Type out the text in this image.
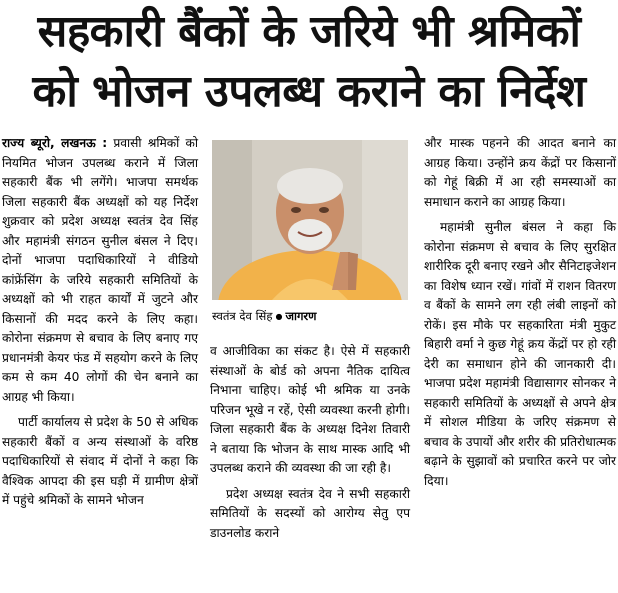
सहकारी बैंकों के जरिये भी श्रमिकों
को भोजन उपलब्ध कराने का निर्देश

राज्य ब्यूरो, लखनऊ : प्रवासी श्रमिकों को नियमित भोजन उपलब्ध कराने में जिला सहकारी बैंक भी लगेंगे। भाजपा समर्थक जिला सहकारी बैंक अध्यक्षों को यह निर्देश शुक्रवार को प्रदेश अध्यक्ष स्वतंत्र देव सिंह और महामंत्री संगठन सुनील बंसल ने दिए। दोनों भाजपा पदाधिकारियों ने वीडियो कांफ्रेंसिंग के जरिये सहकारी समितियों के अध्यक्षों को भी राहत कार्यों में जुटने और किसानों की मदद करने के लिए कहा। कोरोना संक्रमण से बचाव के लिए बनाए गए प्रधानमंत्री केयर फंड में सहयोग करने के लिए कम से कम 40 लोगों की चेन बनाने का आग्रह भी किया।

पार्टी कार्यालय से प्रदेश के 50 से अधिक सहकारी बैंकों व अन्य संस्थाओं के वरिष्ठ पदाधिकारियों से संवाद में दोनों ने कहा कि वैश्विक आपदा की इस घड़ी में ग्रामीण क्षेत्रों में पहुंचे श्रमिकों के सामने भोजन

स्वतंत्र देव सिंह ● जागरण

व आजीविका का संकट है। ऐसे में सहकारी संस्थाओं के बोर्ड को अपना नैतिक दायित्व निभाना चाहिए। कोई भी श्रमिक या उनके परिजन भूखे न रहें, ऐसी व्यवस्था करनी होगी। जिला सहकारी बैंक के अध्यक्ष दिनेश तिवारी ने बताया कि भोजन के साथ मास्क आदि भी उपलब्ध कराने की व्यवस्था की जा रही है।

प्रदेश अध्यक्ष स्वतंत्र देव ने सभी सहकारी समितियों के सदस्यों को आरोग्य सेतु एप डाउनलोड कराने

और मास्क पहनने की आदत बनाने का आग्रह किया। उन्होंने क्रय केंद्रों पर किसानों को गेहूं बिक्री में आ रही समस्याओं का समाधान कराने का आग्रह किया।

महामंत्री सुनील बंसल ने कहा कि कोरोना संक्रमण से बचाव के लिए सुरक्षित शारीरिक दूरी बनाए रखने और सैनिटाइजेशन का विशेष ध्यान रखें। गांवों में राशन वितरण व बैंकों के सामने लग रही लंबी लाइनों को रोकें। इस मौके पर सहकारिता मंत्री मुकुट बिहारी वर्मा ने कुछ गेहूं क्रय केंद्रों पर हो रही देरी का समाधान होने की जानकारी दी। भाजपा प्रदेश महामंत्री विद्यासागर सोनकर ने सहकारी समितियों के अध्यक्षों से अपने क्षेत्र में सोशल मीडिया के जरिए संक्रमण से बचाव के उपायों और शरीर की प्रतिरोधात्मक बढ़ाने के सुझावों को प्रचारित करने पर जोर दिया।
